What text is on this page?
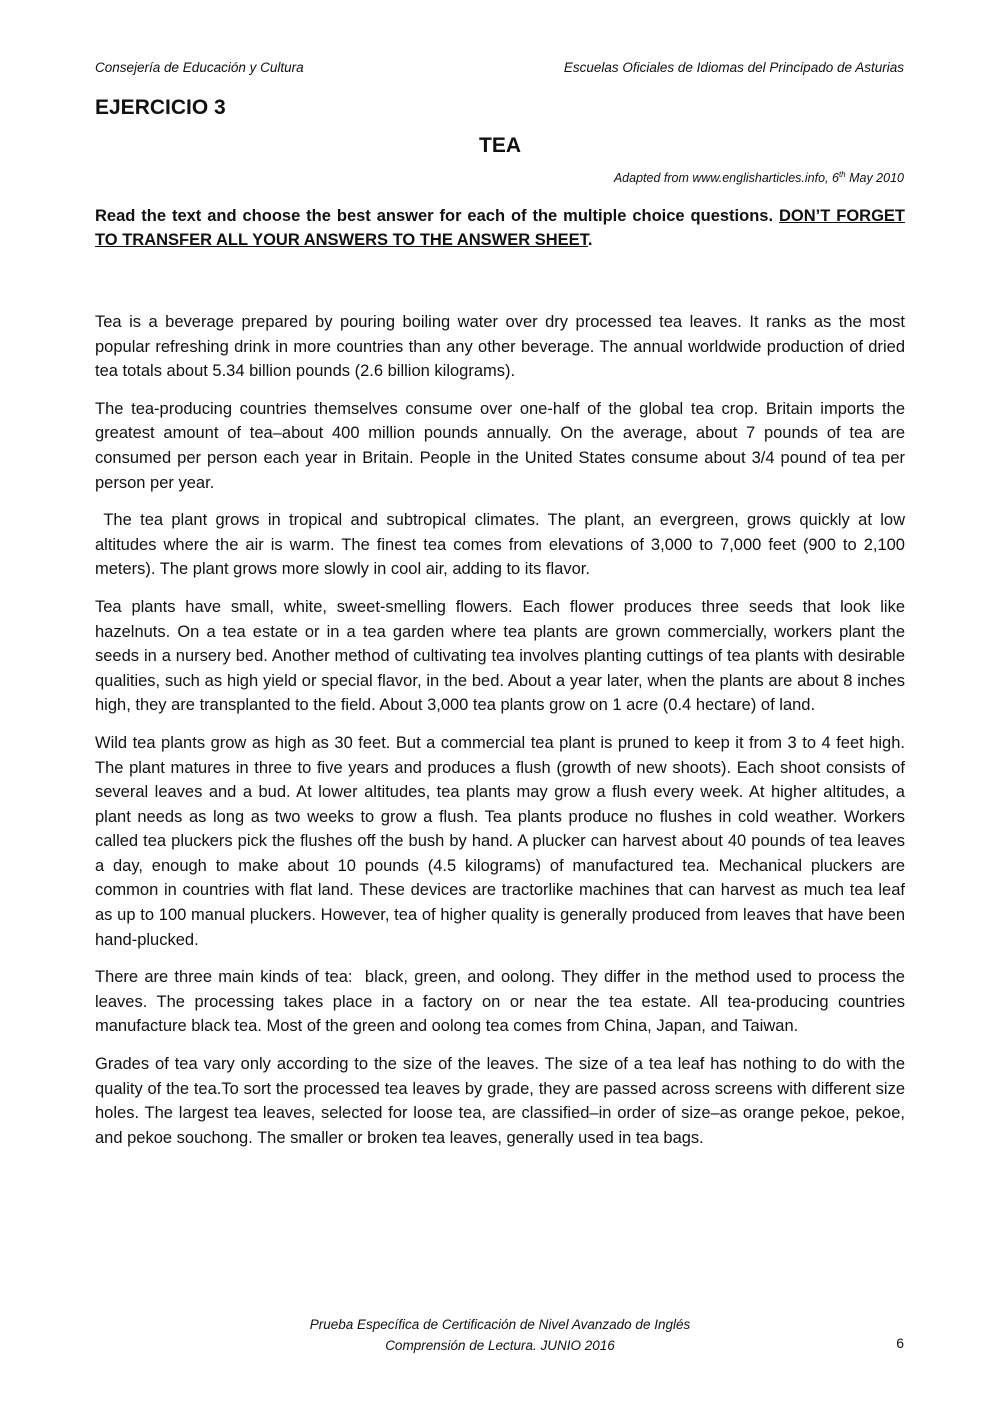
Consejería de Educación y Cultura	Escuelas Oficiales de Idiomas del Principado de Asturias
EJERCICIO 3
TEA
Adapted from www.englisharticles.info, 6th May 2010

Read the text and choose the best answer for each of the multiple choice questions. DON’T FORGET TO TRANSFER ALL YOUR ANSWERS TO THE ANSWER SHEET.

Tea is a beverage prepared by pouring boiling water over dry processed tea leaves. It ranks as the most popular refreshing drink in more countries than any other beverage. The annual worldwide production of dried tea totals about 5.34 billion pounds (2.6 billion kilograms).

The tea-producing countries themselves consume over one-half of the global tea crop. Britain imports the greatest amount of tea–about 400 million pounds annually. On the average, about 7 pounds of tea are consumed per person each year in Britain. People in the United States consume about 3/4 pound of tea per person per year.

The tea plant grows in tropical and subtropical climates. The plant, an evergreen, grows quickly at low altitudes where the air is warm. The finest tea comes from elevations of 3,000 to 7,000 feet (900 to 2,100 meters). The plant grows more slowly in cool air, adding to its flavor.

Tea plants have small, white, sweet-smelling flowers. Each flower produces three seeds that look like hazelnuts. On a tea estate or in a tea garden where tea plants are grown commercially, workers plant the seeds in a nursery bed. Another method of cultivating tea involves planting cuttings of tea plants with desirable qualities, such as high yield or special flavor, in the bed. About a year later, when the plants are about 8 inches high, they are transplanted to the field. About 3,000 tea plants grow on 1 acre (0.4 hectare) of land.

Wild tea plants grow as high as 30 feet. But a commercial tea plant is pruned to keep it from 3 to 4 feet high. The plant matures in three to five years and produces a flush (growth of new shoots). Each shoot consists of several leaves and a bud. At lower altitudes, tea plants may grow a flush every week. At higher altitudes, a plant needs as long as two weeks to grow a flush. Tea plants produce no flushes in cold weather. Workers called tea pluckers pick the flushes off the bush by hand. A plucker can harvest about 40 pounds of tea leaves a day, enough to make about 10 pounds (4.5 kilograms) of manufactured tea. Mechanical pluckers are common in countries with flat land. These devices are tractorlike machines that can harvest as much tea leaf as up to 100 manual pluckers. However, tea of higher quality is generally produced from leaves that have been hand-plucked.

There are three main kinds of tea:  black, green, and oolong. They differ in the method used to process the leaves. The processing takes place in a factory on or near the tea estate. All tea-producing countries manufacture black tea. Most of the green and oolong tea comes from China, Japan, and Taiwan.

Grades of tea vary only according to the size of the leaves. The size of a tea leaf has nothing to do with the quality of the tea.To sort the processed tea leaves by grade, they are passed across screens with different size holes. The largest tea leaves, selected for loose tea, are classified–in order of size–as orange pekoe, pekoe, and pekoe souchong. The smaller or broken tea leaves, generally used in tea bags.

Prueba Específica de Certificación de Nivel Avanzado de Inglés
Comprensión de Lectura. JUNIO 2016	6
